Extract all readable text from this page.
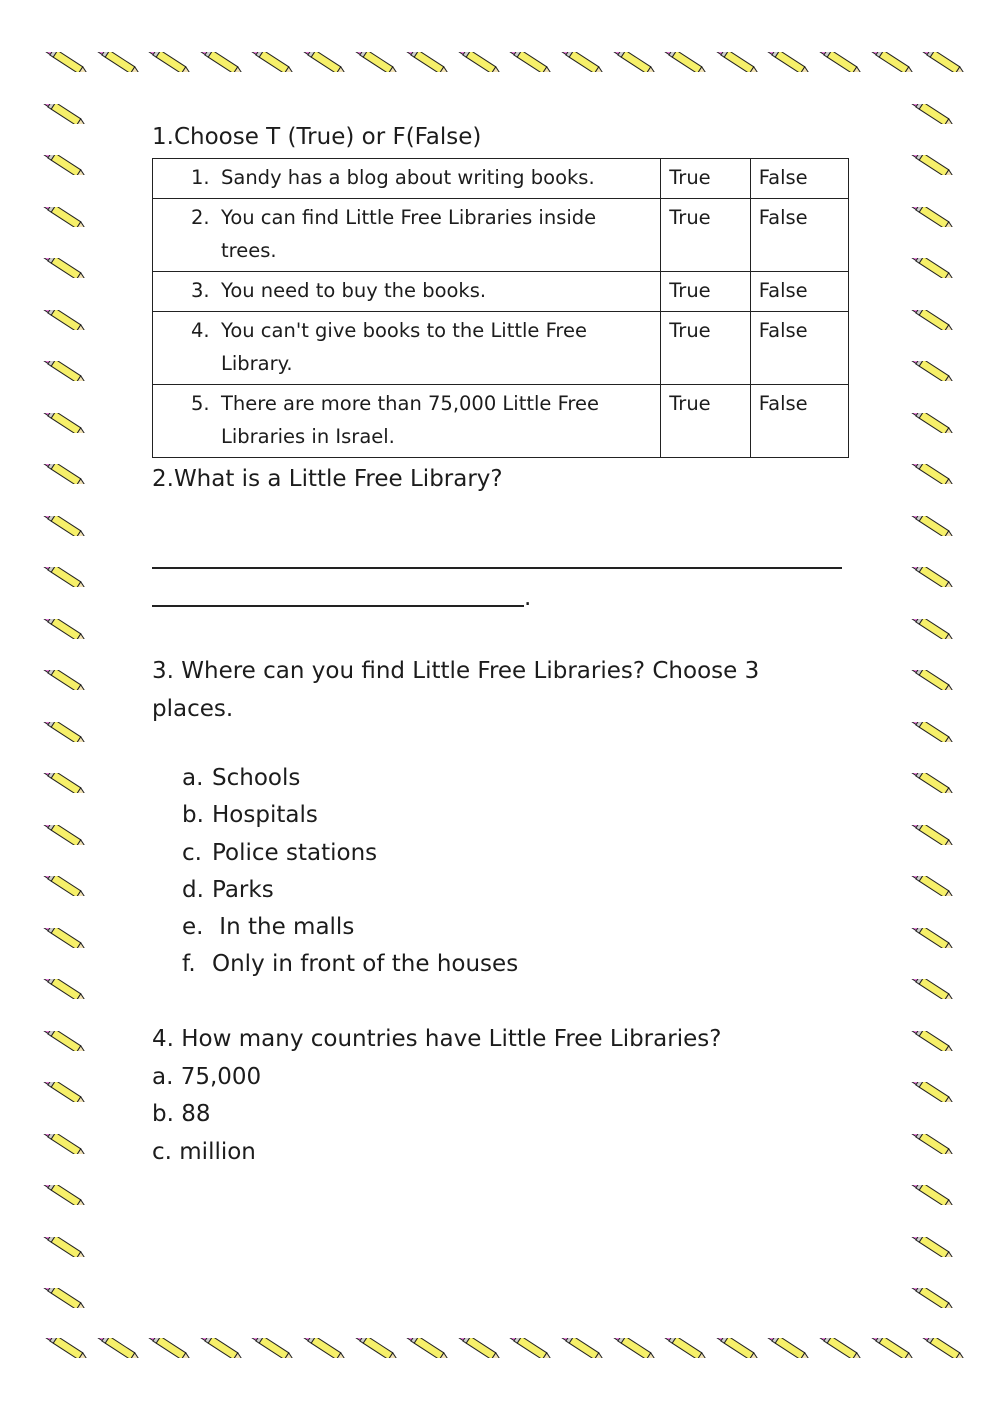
1.Choose T (True) or F(False)
1. Sandy has a blog about writing books.	True	False

2. You can find Little Free Libraries inside trees.	True	False

3. You need to buy the books.	True	False

4. You can't give books to the Little Free Library.	True	False

5. There are more than 75,000 Little Free Libraries in Israel.	True	False
2.What is a Little Free Library?
.
3. Where can you find Little Free Libraries? Choose 3 places.
a. Schools
b. Hospitals
c. Police stations
d. Parks
e. In the malls
f. Only in front of the houses
4. How many countries have Little Free Libraries?
a. 75,000
b. 88
c. million
